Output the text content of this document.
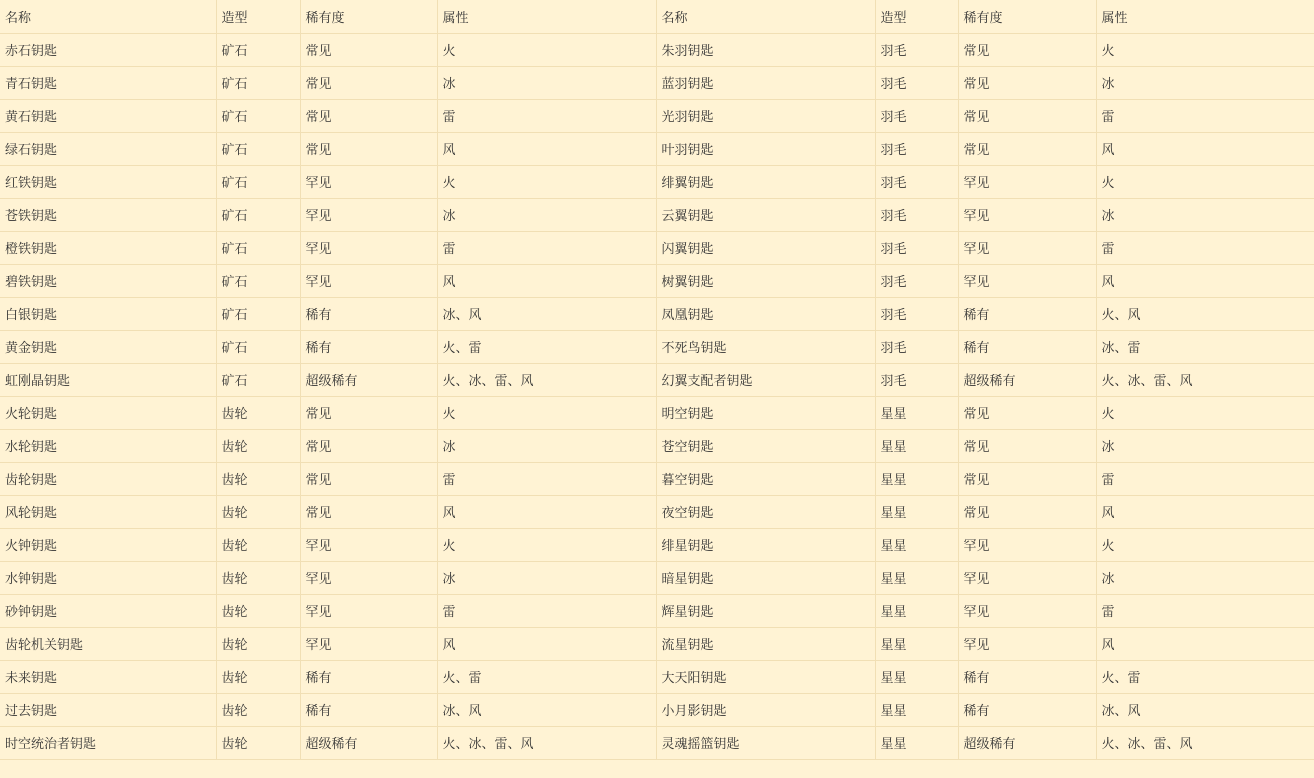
名称	造型	稀有度	属性	名称	造型	稀有度	属性
赤石钥匙	矿石	常见	火	朱羽钥匙	羽毛	常见	火
青石钥匙	矿石	常见	冰	蓝羽钥匙	羽毛	常见	冰
黄石钥匙	矿石	常见	雷	光羽钥匙	羽毛	常见	雷
绿石钥匙	矿石	常见	风	叶羽钥匙	羽毛	常见	风
红铁钥匙	矿石	罕见	火	绯翼钥匙	羽毛	罕见	火
苍铁钥匙	矿石	罕见	冰	云翼钥匙	羽毛	罕见	冰
橙铁钥匙	矿石	罕见	雷	闪翼钥匙	羽毛	罕见	雷
碧铁钥匙	矿石	罕见	风	树翼钥匙	羽毛	罕见	风
白银钥匙	矿石	稀有	冰、风	凤凰钥匙	羽毛	稀有	火、风
黄金钥匙	矿石	稀有	火、雷	不死鸟钥匙	羽毛	稀有	冰、雷
虹刚晶钥匙	矿石	超级稀有	火、冰、雷、风	幻翼支配者钥匙	羽毛	超级稀有	火、冰、雷、风
火轮钥匙	齿轮	常见	火	明空钥匙	星星	常见	火
水轮钥匙	齿轮	常见	冰	苍空钥匙	星星	常见	冰
齿轮钥匙	齿轮	常见	雷	暮空钥匙	星星	常见	雷
风轮钥匙	齿轮	常见	风	夜空钥匙	星星	常见	风
火钟钥匙	齿轮	罕见	火	绯星钥匙	星星	罕见	火
水钟钥匙	齿轮	罕见	冰	暗星钥匙	星星	罕见	冰
砂钟钥匙	齿轮	罕见	雷	辉星钥匙	星星	罕见	雷
齿轮机关钥匙	齿轮	罕见	风	流星钥匙	星星	罕见	风
未来钥匙	齿轮	稀有	火、雷	大天阳钥匙	星星	稀有	火、雷
过去钥匙	齿轮	稀有	冰、风	小月影钥匙	星星	稀有	冰、风
时空统治者钥匙	齿轮	超级稀有	火、冰、雷、风	灵魂摇篮钥匙	星星	超级稀有	火、冰、雷、风
